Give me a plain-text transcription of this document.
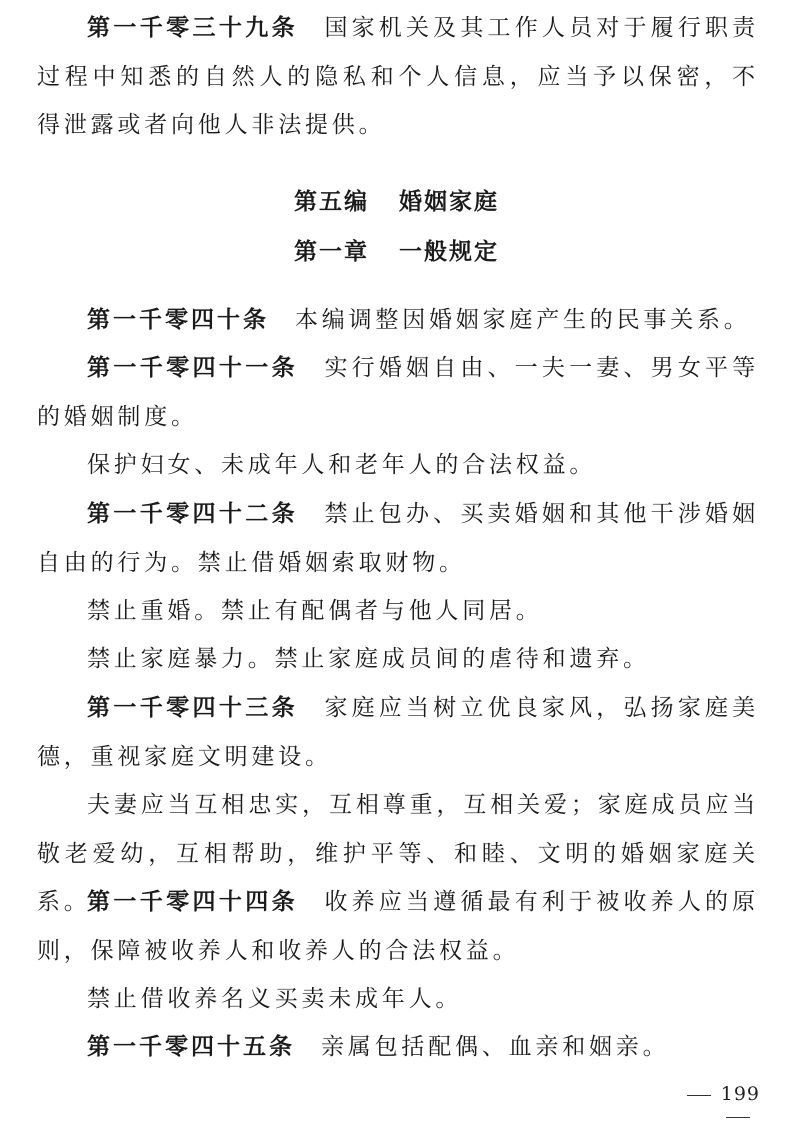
第一千零三十九条 国家机关及其工作人员对于履行职责过程中知悉的自然人的隐私和个人信息，应当予以保密，不得泄露或者向他人非法提供。

第五编 婚姻家庭
第一章 一般规定

第一千零四十条 本编调整因婚姻家庭产生的民事关系。

第一千零四十一条 实行婚姻自由、一夫一妻、男女平等的婚姻制度。

保护妇女、未成年人和老年人的合法权益。

第一千零四十二条 禁止包办、买卖婚姻和其他干涉婚姻自由的行为。禁止借婚姻索取财物。

禁止重婚。禁止有配偶者与他人同居。

禁止家庭暴力。禁止家庭成员间的虐待和遗弃。

第一千零四十三条 家庭应当树立优良家风，弘扬家庭美德，重视家庭文明建设。

夫妻应当互相忠实，互相尊重，互相关爱；家庭成员应当敬老爱幼，互相帮助，维护平等、和睦、文明的婚姻家庭关系。

第一千零四十四条 收养应当遵循最有利于被收养人的原则，保障被收养人和收养人的合法权益。

禁止借收养名义买卖未成年人。

第一千零四十五条 亲属包括配偶、血亲和姻亲。

199
